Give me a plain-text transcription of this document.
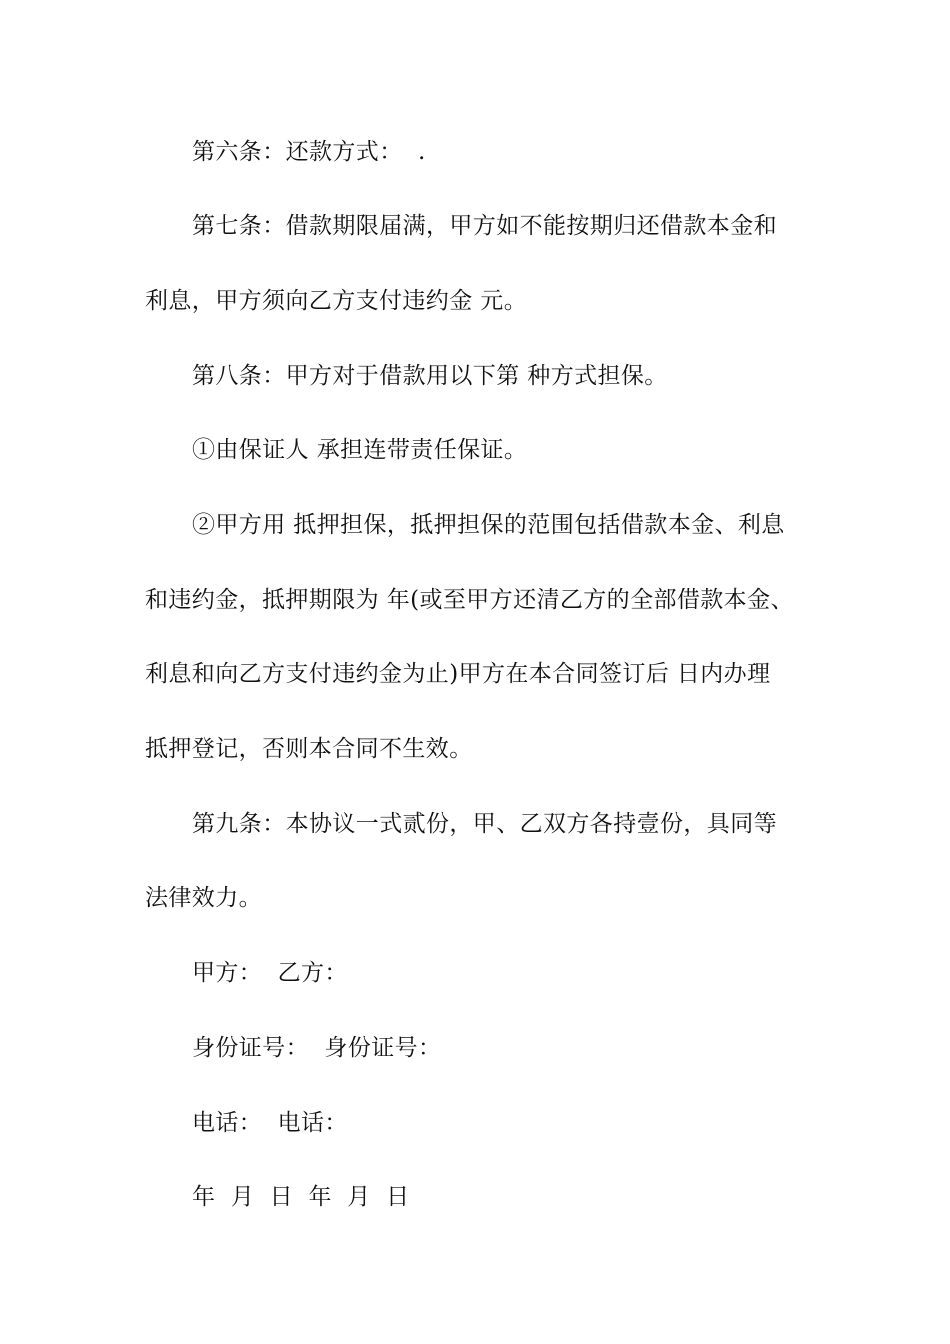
第六条：还款方式：  .
第七条：借款期限届满，甲方如不能按期归还借款本金和
利息，甲方须向乙方支付违约金 元。
第八条：甲方对于借款用以下第 种方式担保。
①由保证人 承担连带责任保证。
②甲方用 抵押担保，抵押担保的范围包括借款本金、利息
和违约金，抵押期限为 年(或至甲方还清乙方的全部借款本金、
利息和向乙方支付违约金为止)甲方在本合同签订后 日内办理
抵押登记，否则本合同不生效。
第九条：本协议一式贰份，甲、乙双方各持壹份，具同等
法律效力。
甲方：  乙方：
身份证号：  身份证号：
电话：  电话：
年  月  日  年  月  日
